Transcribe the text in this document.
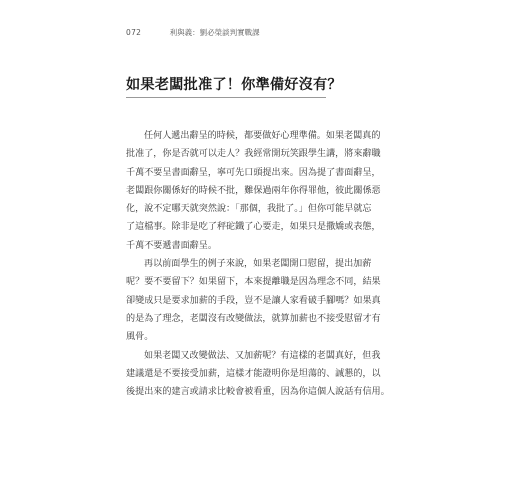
072	利與義：劉必榮談判實戰課
如果老闆批准了！你準備好沒有？
任何人遞出辭呈的時候，都要做好心理準備。如果老闆真的
批准了，你是否就可以走人？我經常開玩笑跟學生講，將來辭職
千萬不要呈書面辭呈，寧可先口頭提出來。因為提了書面辭呈，
老闆跟你關係好的時候不批，難保過兩年你得罪他，彼此關係惡
化，說不定哪天就突然說：「那個，我批了。」但你可能早就忘
了這檔事。除非是吃了秤砣鐵了心要走，如果只是撒嬌或表態，
千萬不要遞書面辭呈。
再以前面學生的例子來說，如果老闆開口慰留，提出加薪
呢？要不要留下？如果留下，本來提離職是因為理念不同，結果
卻變成只是要求加薪的手段，豈不是讓人家看破手腳嗎？如果真
的是為了理念，老闆沒有改變做法，就算加薪也不接受慰留才有
風骨。
如果老闆又改變做法、又加薪呢？有這樣的老闆真好，但我
建議還是不要接受加薪，這樣才能證明你是坦蕩的、誠懇的，以
後提出來的建言或請求比較會被看重，因為你這個人說話有信用。
